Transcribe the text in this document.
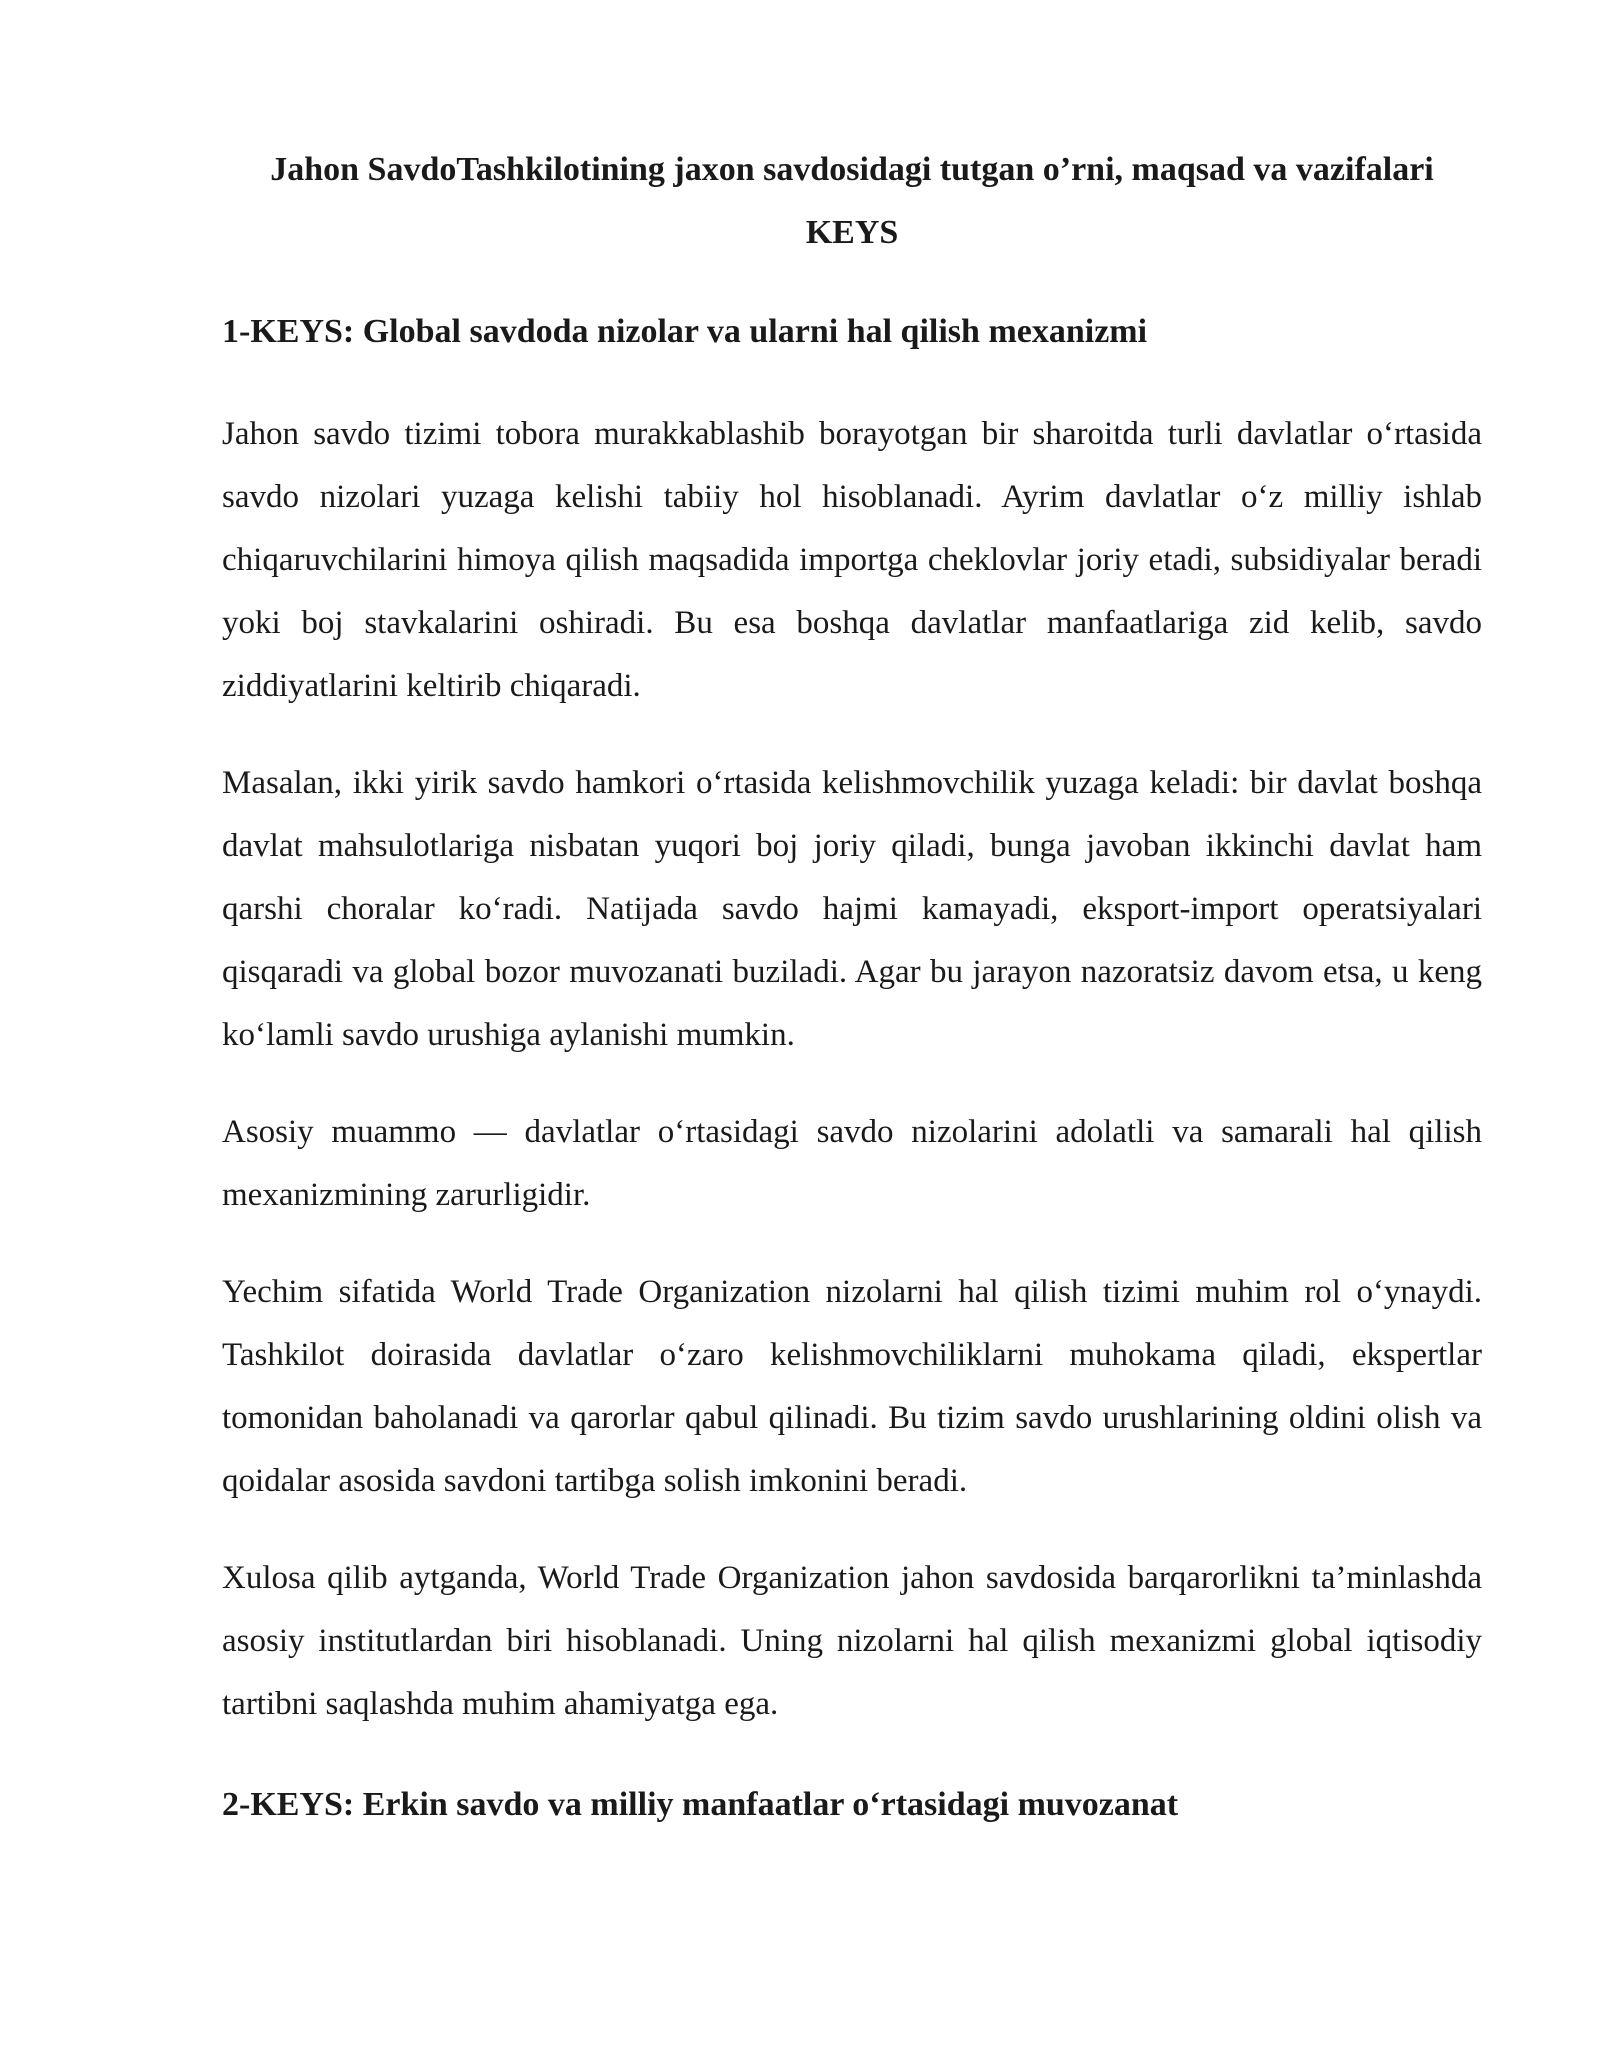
Jahon SavdoTashkilotining jaxon savdosidagi tutgan o’rni, maqsad va vazifalari
KEYS
1-KEYS: Global savdoda nizolar va ularni hal qilish mexanizmi

Jahon savdo tizimi tobora murakkablashib borayotgan bir sharoitda turli davlatlar o‘rtasida savdo nizolari yuzaga kelishi tabiiy hol hisoblanadi. Ayrim davlatlar o‘z milliy ishlab chiqaruvchilarini himoya qilish maqsadida importga cheklovlar joriy etadi, subsidiyalar beradi yoki boj stavkalarini oshiradi. Bu esa boshqa davlatlar manfaatlariga zid kelib, savdo ziddiyatlarini keltirib chiqaradi.

Masalan, ikki yirik savdo hamkori o‘rtasida kelishmovchilik yuzaga keladi: bir davlat boshqa davlat mahsulotlariga nisbatan yuqori boj joriy qiladi, bunga javoban ikkinchi davlat ham qarshi choralar ko‘radi. Natijada savdo hajmi kamayadi, eksport-import operatsiyalari qisqaradi va global bozor muvozanati buziladi. Agar bu jarayon nazoratsiz davom etsa, u keng ko‘lamli savdo urushiga aylanishi mumkin.

Asosiy muammo — davlatlar o‘rtasidagi savdo nizolarini adolatli va samarali hal qilish mexanizmining zarurligidir.

Yechim sifatida World Trade Organization nizolarni hal qilish tizimi muhim rol o‘ynaydi. Tashkilot doirasida davlatlar o‘zaro kelishmovchiliklarni muhokama qiladi, ekspertlar tomonidan baholanadi va qarorlar qabul qilinadi. Bu tizim savdo urushlarining oldini olish va qoidalar asosida savdoni tartibga solish imkonini beradi.

Xulosa qilib aytganda, World Trade Organization jahon savdosida barqarorlikni ta’minlashda asosiy institutlardan biri hisoblanadi. Uning nizolarni hal qilish mexanizmi global iqtisodiy tartibni saqlashda muhim ahamiyatga ega.

2-KEYS: Erkin savdo va milliy manfaatlar o‘rtasidagi muvozanat
